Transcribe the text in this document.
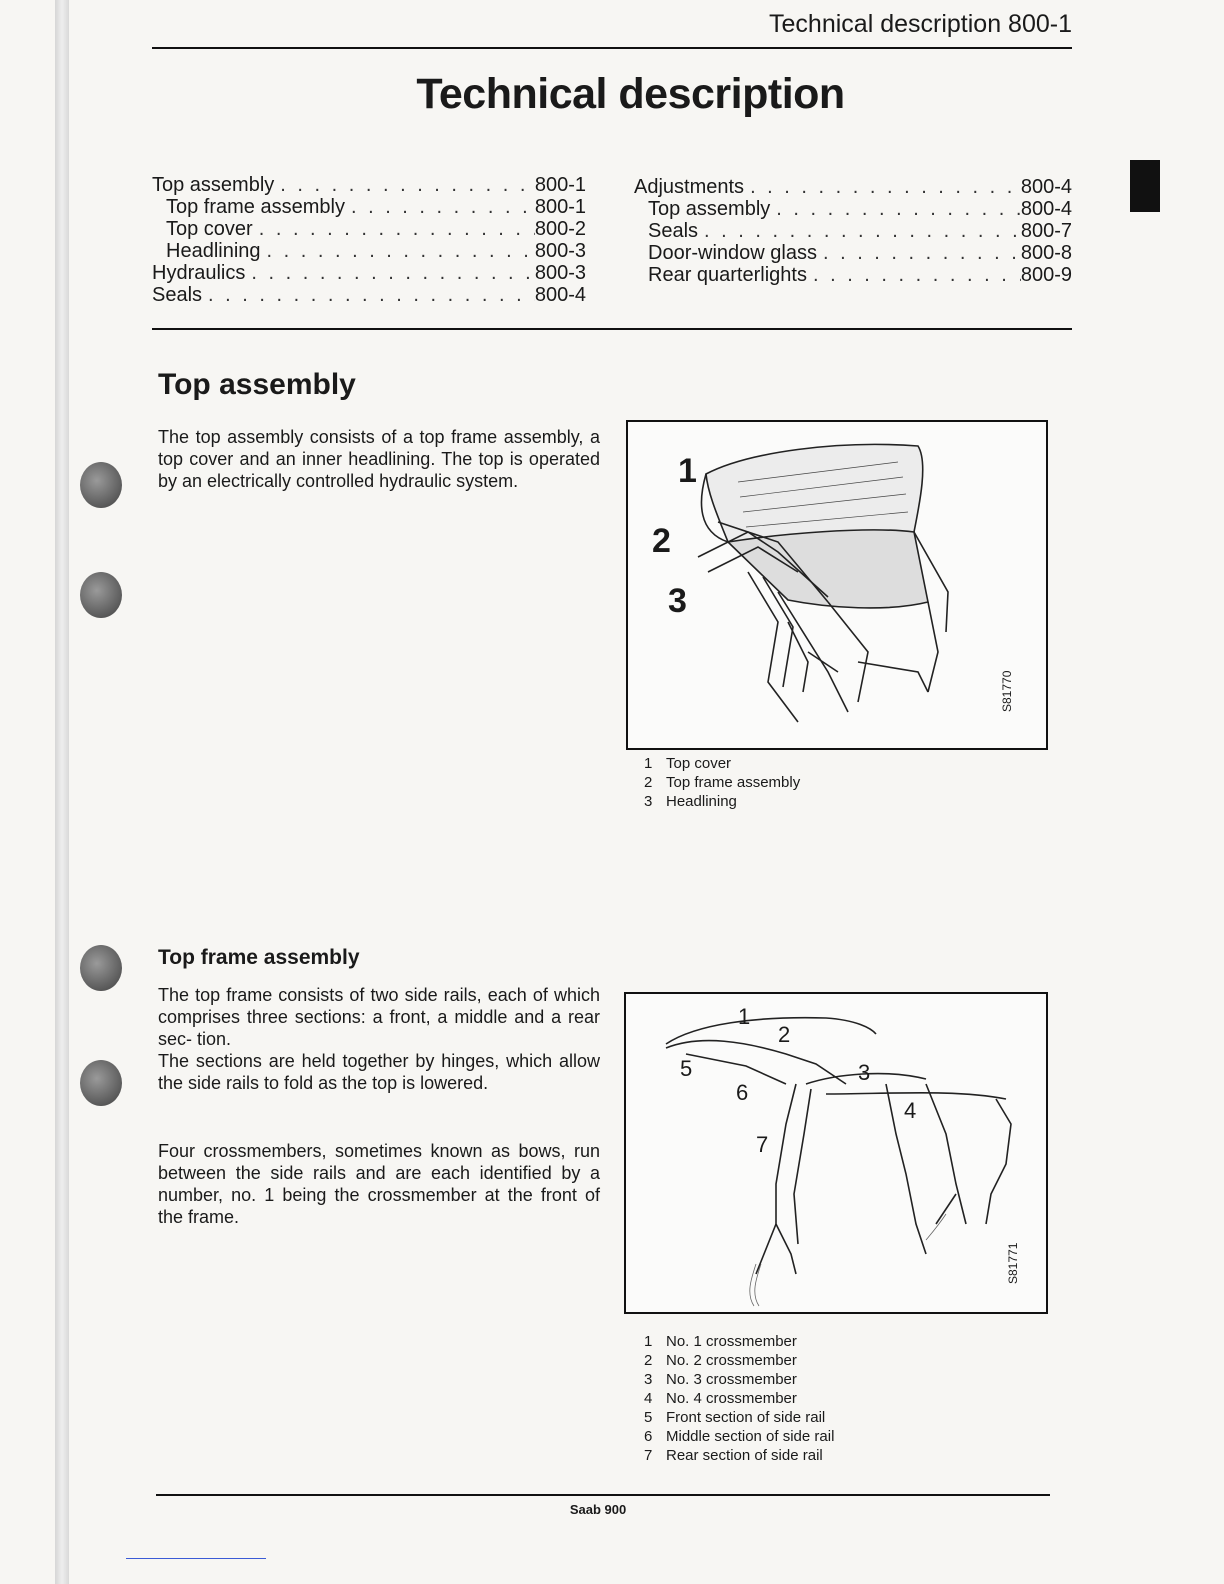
Technical description 800-1
Technical description
Top assembly . . .	800-1
Top frame assembly . . .	800-1
Top cover . . .	800-2
Headlining . . .	800-3
Hydraulics . . .	800-3
Seals . . .	800-4
Adjustments . . .	800-4
Top assembly . . .	800-4
Seals . . .	800-7
Door-window glass . . .	800-8
Rear quarterlights . . .	800-9
Top assembly

The top assembly consists of a top frame assembly, a top cover and an inner headlining. The top is operated by an electrically controlled hydraulic system.

Top frame assembly

The top frame consists of two side rails, each of which comprises three sections: a front, a middle and a rear sec- tion.

The sections are held together by hinges, which allow the side rails to fold as the top is lowered.

Four crossmembers, sometimes known as bows, run between the side rails and are each identified by a number, no. 1 being the crossmember at the front of the frame.

1
2
3
S81770
1 Top cover
2 Top frame assembly
3 Headlining
1
2
3
4
5
6
7
S81771
1 No. 1 crossmember
2 No. 2 crossmember
3 No. 3 crossmember
4 No. 4 crossmember
5 Front section of side rail
6 Middle section of side rail
7 Rear section of side rail
Saab 900
